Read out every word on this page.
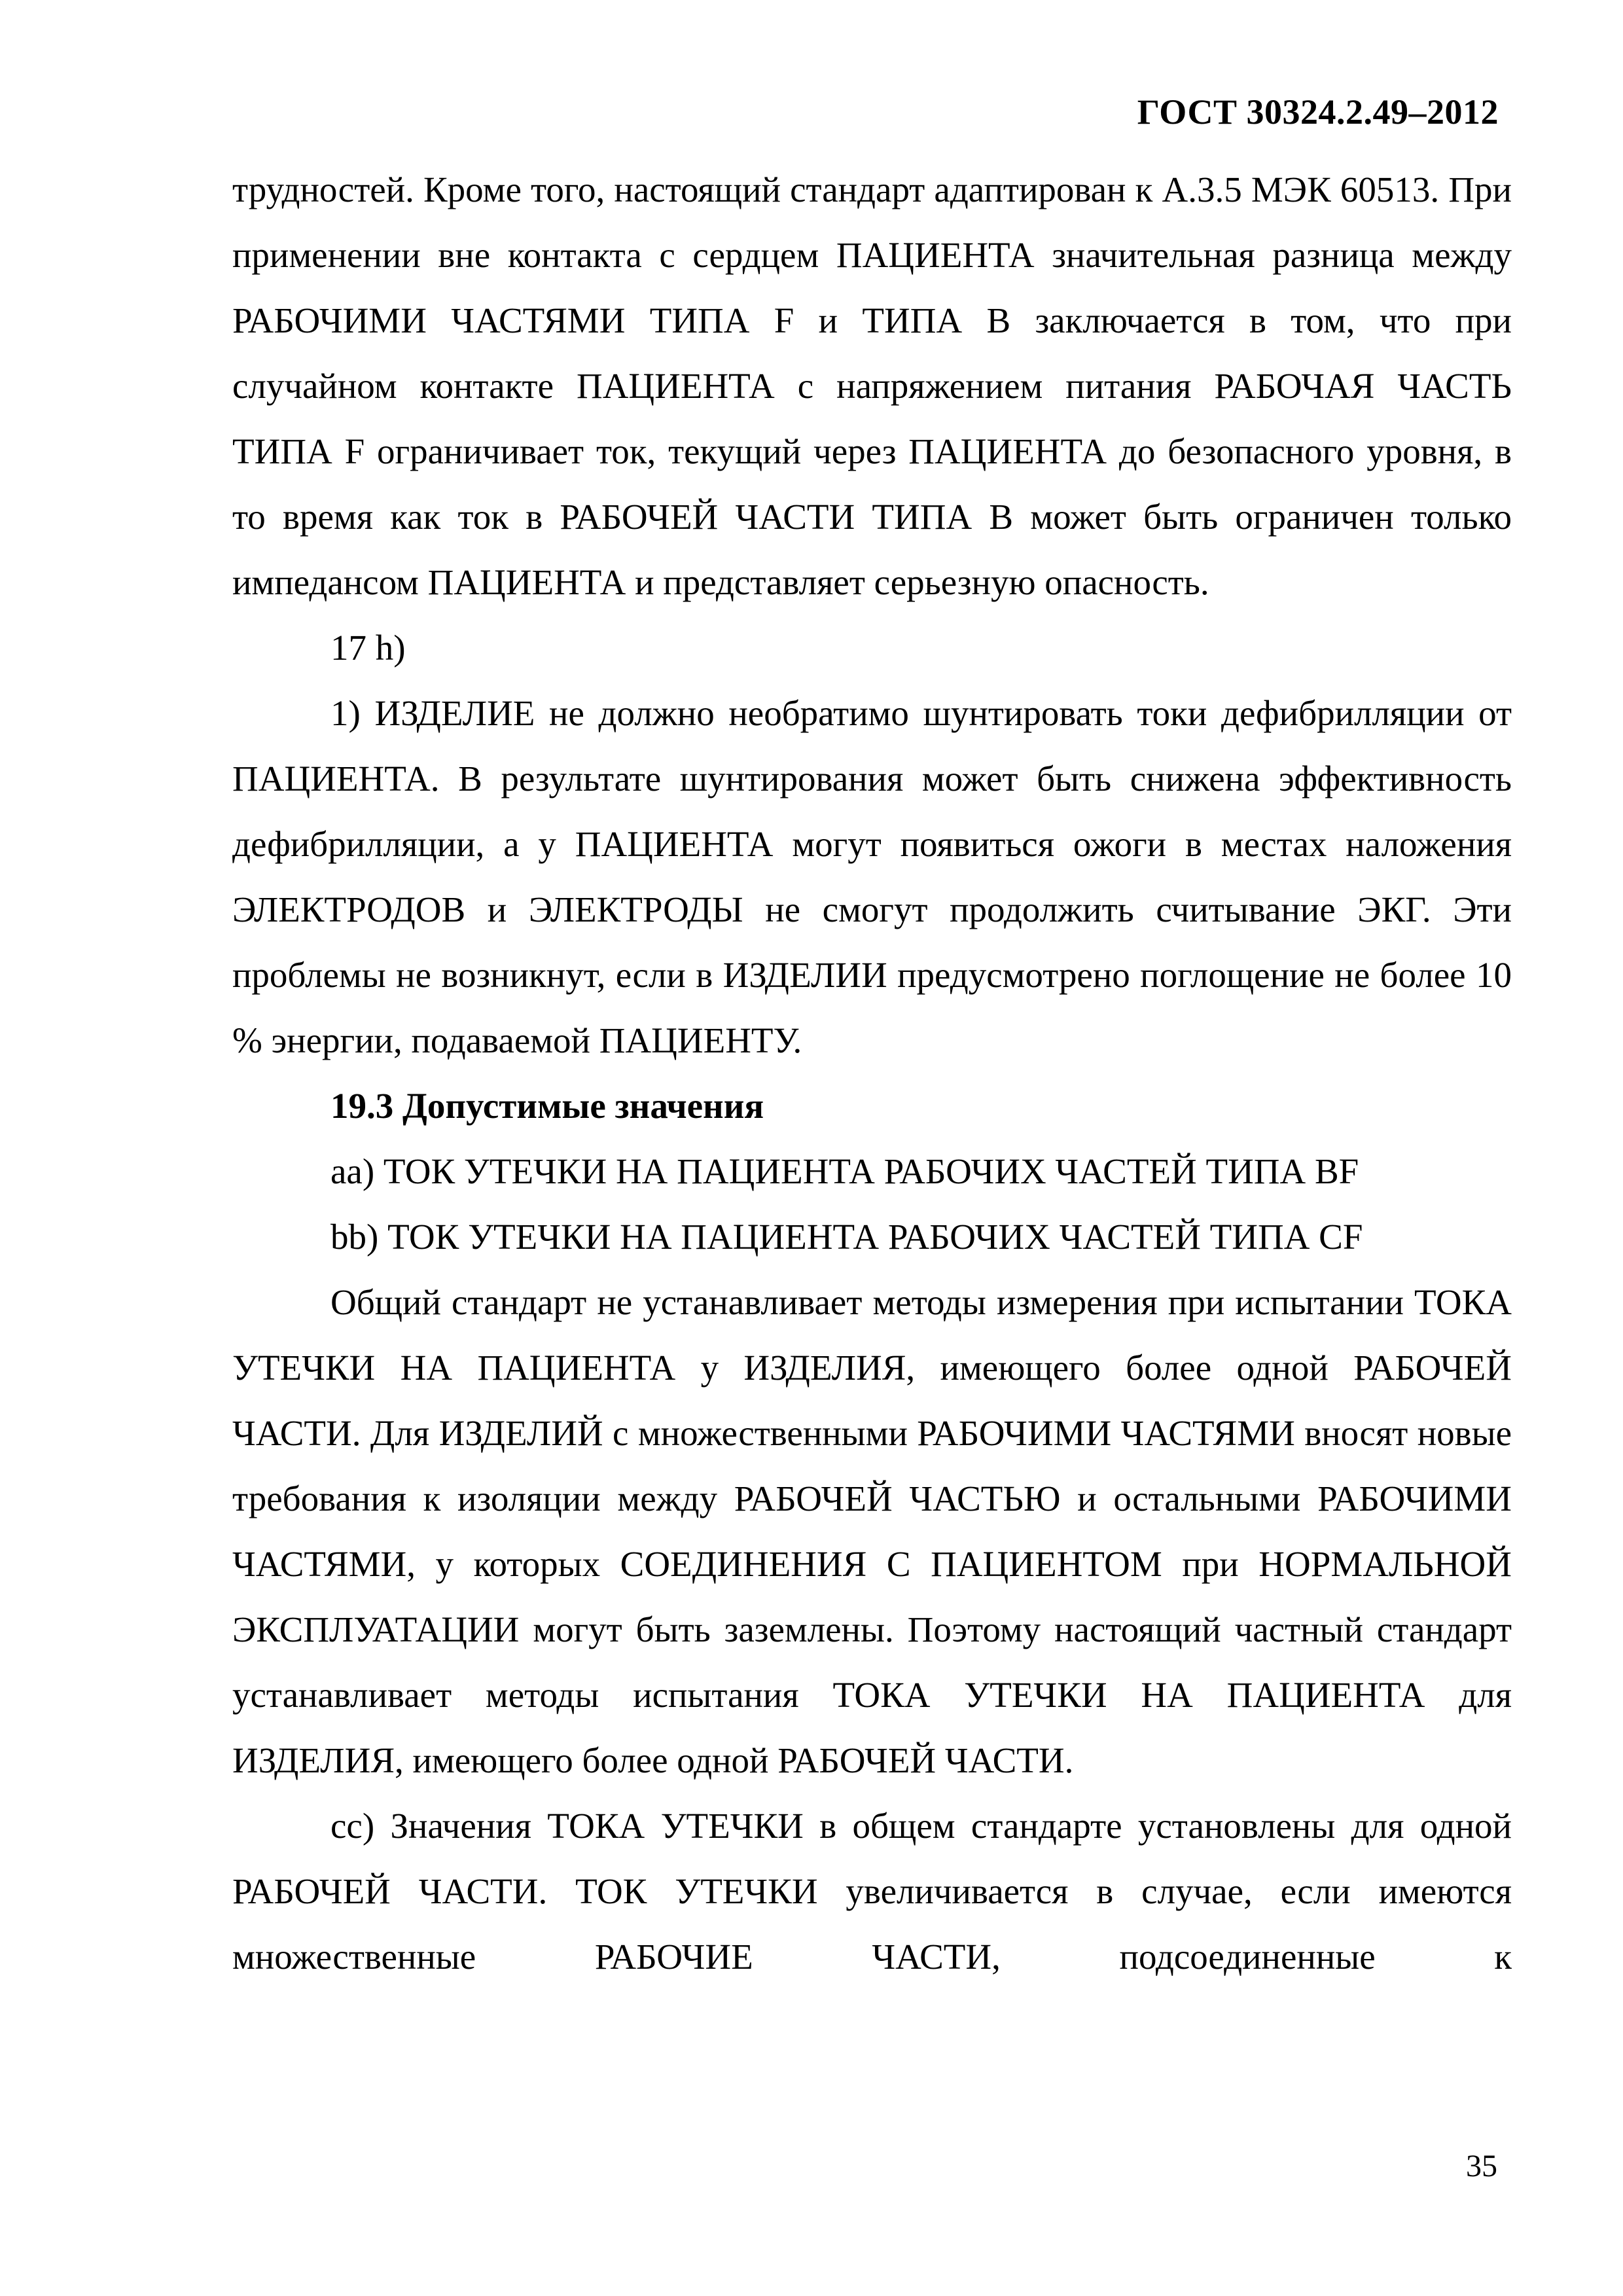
ГОСТ 30324.2.49–2012

трудностей. Кроме того, настоящий стандарт адаптирован к А.3.5 МЭК 60513. При применении вне контакта с сердцем ПАЦИЕНТА значительная разница между РАБОЧИМИ ЧАСТЯМИ ТИПА F и ТИПА В заключается в том, что при случайном контакте ПАЦИЕНТА с напряжением питания РАБОЧАЯ ЧАСТЬ ТИПА F ограничивает ток, текущий через ПАЦИЕНТА до безопасного уровня, в то время как ток в РАБОЧЕЙ ЧАСТИ ТИПА В может быть ограничен только импедансом ПАЦИЕНТА и представляет серьезную опасность.

17 h)

1) ИЗДЕЛИЕ не должно необратимо шунтировать токи дефибрилляции от ПАЦИЕНТА. В результате шунтирования может быть снижена эффективность дефибрилляции, а у ПАЦИЕНТА могут появиться ожоги в местах наложения ЭЛЕКТРОДОВ и ЭЛЕКТРОДЫ не смогут продолжить считывание ЭКГ. Эти проблемы не возникнут, если в ИЗДЕЛИИ предусмотрено поглощение не более 10 % энергии, подаваемой ПАЦИЕНТУ.

19.3 Допустимые значения

аа) ТОК УТЕЧКИ НА ПАЦИЕНТА РАБОЧИХ ЧАСТЕЙ ТИПА BF

bb) ТОК УТЕЧКИ НА ПАЦИЕНТА РАБОЧИХ ЧАСТЕЙ ТИПА CF

Общий стандарт не устанавливает методы измерения при испытании ТОКА УТЕЧКИ НА ПАЦИЕНТА у ИЗДЕЛИЯ, имеющего более одной РАБОЧЕЙ ЧАСТИ. Для ИЗДЕЛИЙ с множественными РАБОЧИМИ ЧАСТЯМИ вносят новые требования к изоляции между РАБОЧЕЙ ЧАСТЬЮ и остальными РАБОЧИМИ ЧАСТЯМИ, у которых СОЕДИНЕНИЯ С ПАЦИЕНТОМ при НОРМАЛЬНОЙ ЭКСПЛУАТАЦИИ могут быть заземлены. Поэтому настоящий частный стандарт устанавливает методы испытания ТОКА УТЕЧКИ НА ПАЦИЕНТА для ИЗДЕЛИЯ, имеющего более одной РАБОЧЕЙ ЧАСТИ.

сс) Значения ТОКА УТЕЧКИ в общем стандарте установлены для одной РАБОЧЕЙ ЧАСТИ. ТОК УТЕЧКИ увеличивается в случае, если имеются множественные РАБОЧИЕ ЧАСТИ, подсоединенные к

35
